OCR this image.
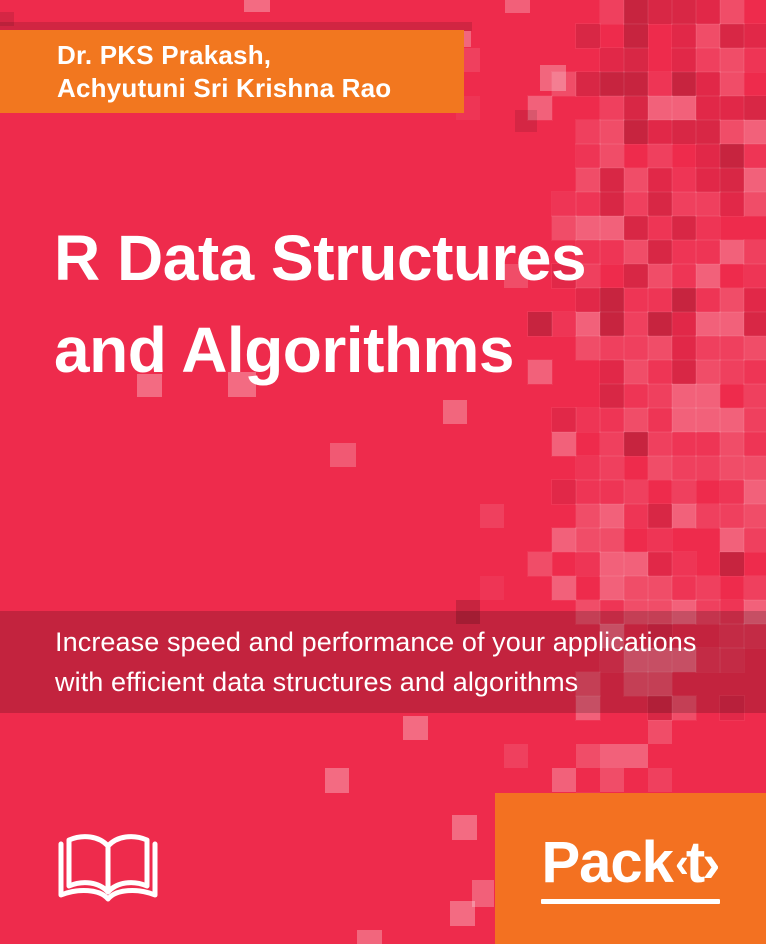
Dr. PKS Prakash,
Achyutuni Sri Krishna Rao
Increase speed and performance of your applications
with efficient data structures and algorithms
R Data Structures
and Algorithms
Pack ‹
t
›
